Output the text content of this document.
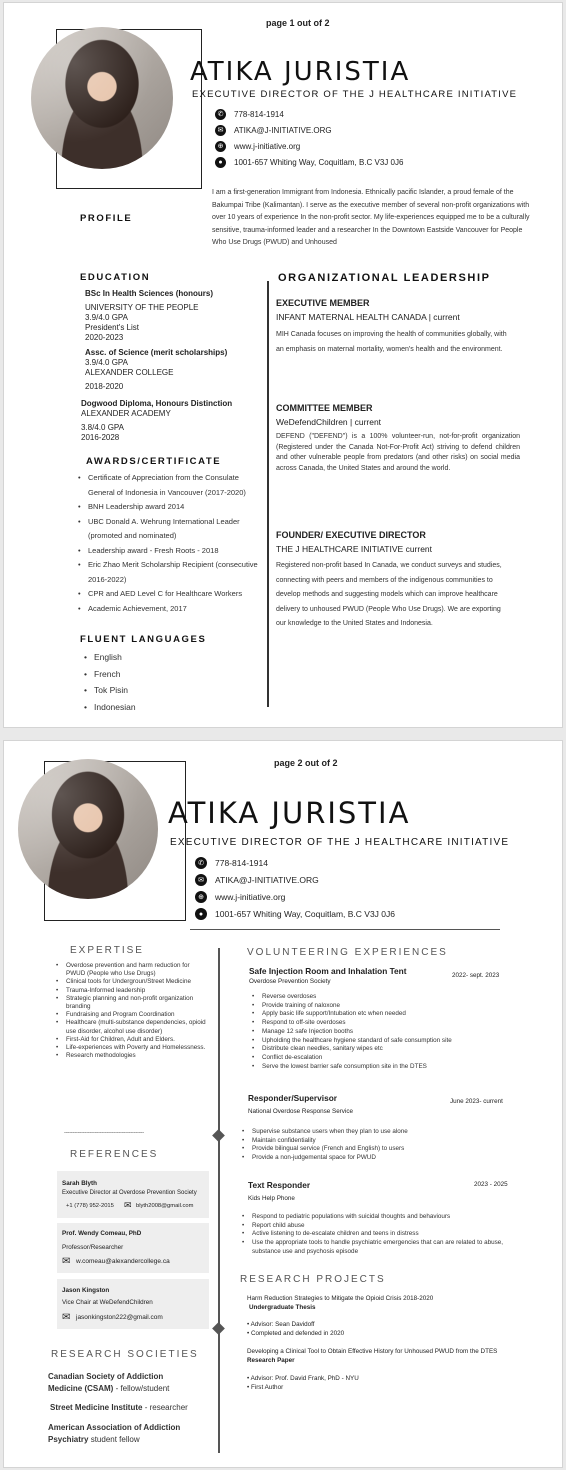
page 1 out of 2
ATIKA JURISTIA
EXECUTIVE DIRECTOR OF THE J HEALTHCARE INITIATIVE
✆	778-814-1914
✉	ATIKA@J-INITIATIVE.ORG
⊕	www.j-initiative.org
●	1001-657 Whiting Way, Coquitlam, B.C V3J 0J6
PROFILE
I am a first-generation Immigrant from Indonesia. Ethnically pacific Islander, a proud female of the Bakumpai Tribe (Kalimantan). I serve as the executive member of several non-profit organizations with over 10 years of experience In the non-profit sector. My life-experiences equipped me to be a culturally sensitive, trauma-informed leader and a researcher In the Downtown Eastside Vancouver for People Who Use Drugs (PWUD) and Unhoused
EDUCATION
BSc In Health Sciences (honours)
UNIVERSITY OF THE PEOPLE
3.9/4.0 GPA
President's List
2020-2023
Assc. of Science (merit scholarships)
3.9/4.0 GPA
ALEXANDER COLLEGE
2018-2020
Dogwood Diploma, Honours Distinction
ALEXANDER ACADEMY
3.8/4.0 GPA
2016-2028
AWARDS/CERTIFICATE
• Certificate of Appreciation from the Consulate General of Indonesia in Vancouver (2017-2020)
• BNH Leadership award 2014
• UBC Donald A. Wehrung International Leader (promoted and nominated)
• Leadership award - Fresh Roots - 2018
• Eric Zhao Merit Scholarship Recipient (consecutive 2016-2022)
• CPR and AED Level C for Healthcare Workers
• Academic Achievement, 2017
FLUENT LANGUAGES
• English
• French
• Tok Pisin
• Indonesian
ORGANIZATIONAL LEADERSHIP
EXECUTIVE MEMBER
INFANT MATERNAL HEALTH CANADA | current
MIH Canada focuses on improving the health of communities globally, with an emphasis on maternal mortality, women's health and the environment.
COMMITTEE MEMBER
WeDefendChildren | current
DEFEND ("DEFEND") is a 100% volunteer-run, not-for-profit organization (Registered under the Canada Not-For-Profit Act) striving to defend children and other vulnerable people from predators (and other risks) on social media across Canada, the United States and around the world.
FOUNDER/ EXECUTIVE DIRECTOR
THE J HEALTHCARE INITIATIVE current
Registered non-profit based In Canada, we conduct surveys and studies, connecting with peers and members of the indigenous communities to develop methods and suggesting models which can improve healthcare delivery to unhoused PWUD (People Who Use Drugs). We are exporting our knowledge to the United States and Indonesia.
page 2 out of 2
ATIKA JURISTIA
EXECUTIVE DIRECTOR OF THE J HEALTHCARE INITIATIVE
✆	778-814-1914
✉	ATIKA@J-INITIATIVE.ORG
⊕	www.j-initiative.org
●	1001-657 Whiting Way, Coquitlam, B.C V3J 0J6
EXPERTISE
• Overdose prevention and harm reduction for PWUD (People who Use Drugs)
• Clinical tools for Undergroun/Street Medicine
• Trauma-Informed leadership
• Strategic planning and non-profit organization branding
• Fundraising and Program Coordination
• Healthcare (multi-substance dependencies, opioid use disorder, alcohol use disorder)
• First-Aid for Children, Adult and Elders.
• Life-experiences with Poverty and Homelessness.
• Research methodologies
-----------------------------------------------
REFERENCES
Sarah Blyth
Executive Director at Overdose Prevention Society
+1 (778) 952-2015 ✉ blyth2008@gmail.com
Prof. Wendy Comeau, PhD
Professor/Researcher
✉ w.comeau@alexandercollege.ca
Jason Kingston
Vice Chair at WeDefendChildren
✉ jasonkingston222@gmail.com
RESEARCH SOCIETIES
Canadian Society of Addiction
Medicine (CSAM) - fellow/student
Street Medicine Institute - researcher
American Association of Addiction
Psychiatry student fellow
VOLUNTEERING EXPERIENCES
Safe Injection Room and Inhalation Tent	2022- sept. 2023
Overdose Prevention Society
• Reverse overdoses
• Provide training of naloxone
• Apply basic life support/Intubation etc when needed
• Respond to off-site overdoses
• Manage 12 safe Injection booths
• Upholding the healthcare hygiene standard of safe consumption site
• Distribute clean needles, sanitary wipes etc
• Conflict de-escalation
• Serve the lowest barrier safe consumption site in the DTES
Responder/Supervisor	June 2023- current
National Overdose Response Service
• Supervise substance users when they plan to use alone
• Maintain confidentiality
• Provide bilingual service (French and English) to users
• Provide a non-judgemental space for PWUD
Text Responder	2023 - 2025
Kids Help Phone
• Respond to pediatric populations with suicidal thoughts and behaviours
• Report child abuse
• Active listening to de-escalate children and teens in distress
• Use the appropriate tools to handle psychiatric emergencies that can are related to abuse, substance use and psychosis episode
RESEARCH PROJECTS
Harm Reduction Strategies to Mitigate the Opioid Crisis 2018-2020
Undergraduate Thesis
• Advisor: Sean Davidoff
• Completed and defended in 2020
Developing a Clinical Tool to Obtain Effective History for Unhoused PWUD from the DTES
Research Paper
• Advisor: Prof. David Frank, PhD - NYU
• First Author
